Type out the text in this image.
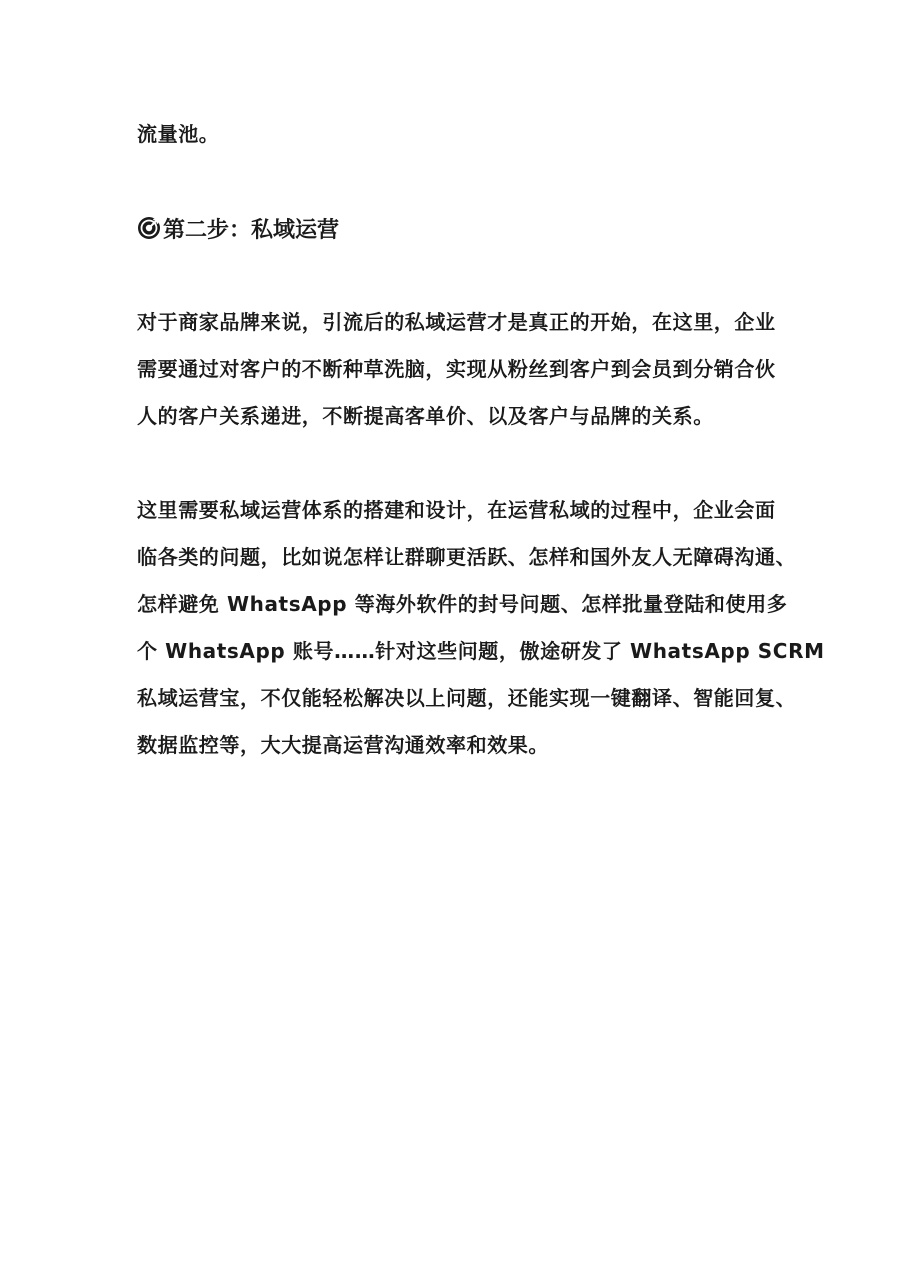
流量池。
第二步：私域运营
对于商家品牌来说，引流后的私域运营才是真正的开始，在这里，企业
需要通过对客户的不断种草洗脑，实现从粉丝到客户到会员到分销合伙
人的客户关系递进，不断提高客单价、以及客户与品牌的关系。
这里需要私域运营体系的搭建和设计，在运营私域的过程中，企业会面
临各类的问题，比如说怎样让群聊更活跃、怎样和国外友人无障碍沟通、
怎样避免 WhatsApp 等海外软件的封号问题、怎样批量登陆和使用多
个 WhatsApp 账号……针对这些问题，傲途研发了 WhatsApp SCRM
私域运营宝，不仅能轻松解决以上问题，还能实现一键翻译、智能回复、
数据监控等，大大提高运营沟通效率和效果。
